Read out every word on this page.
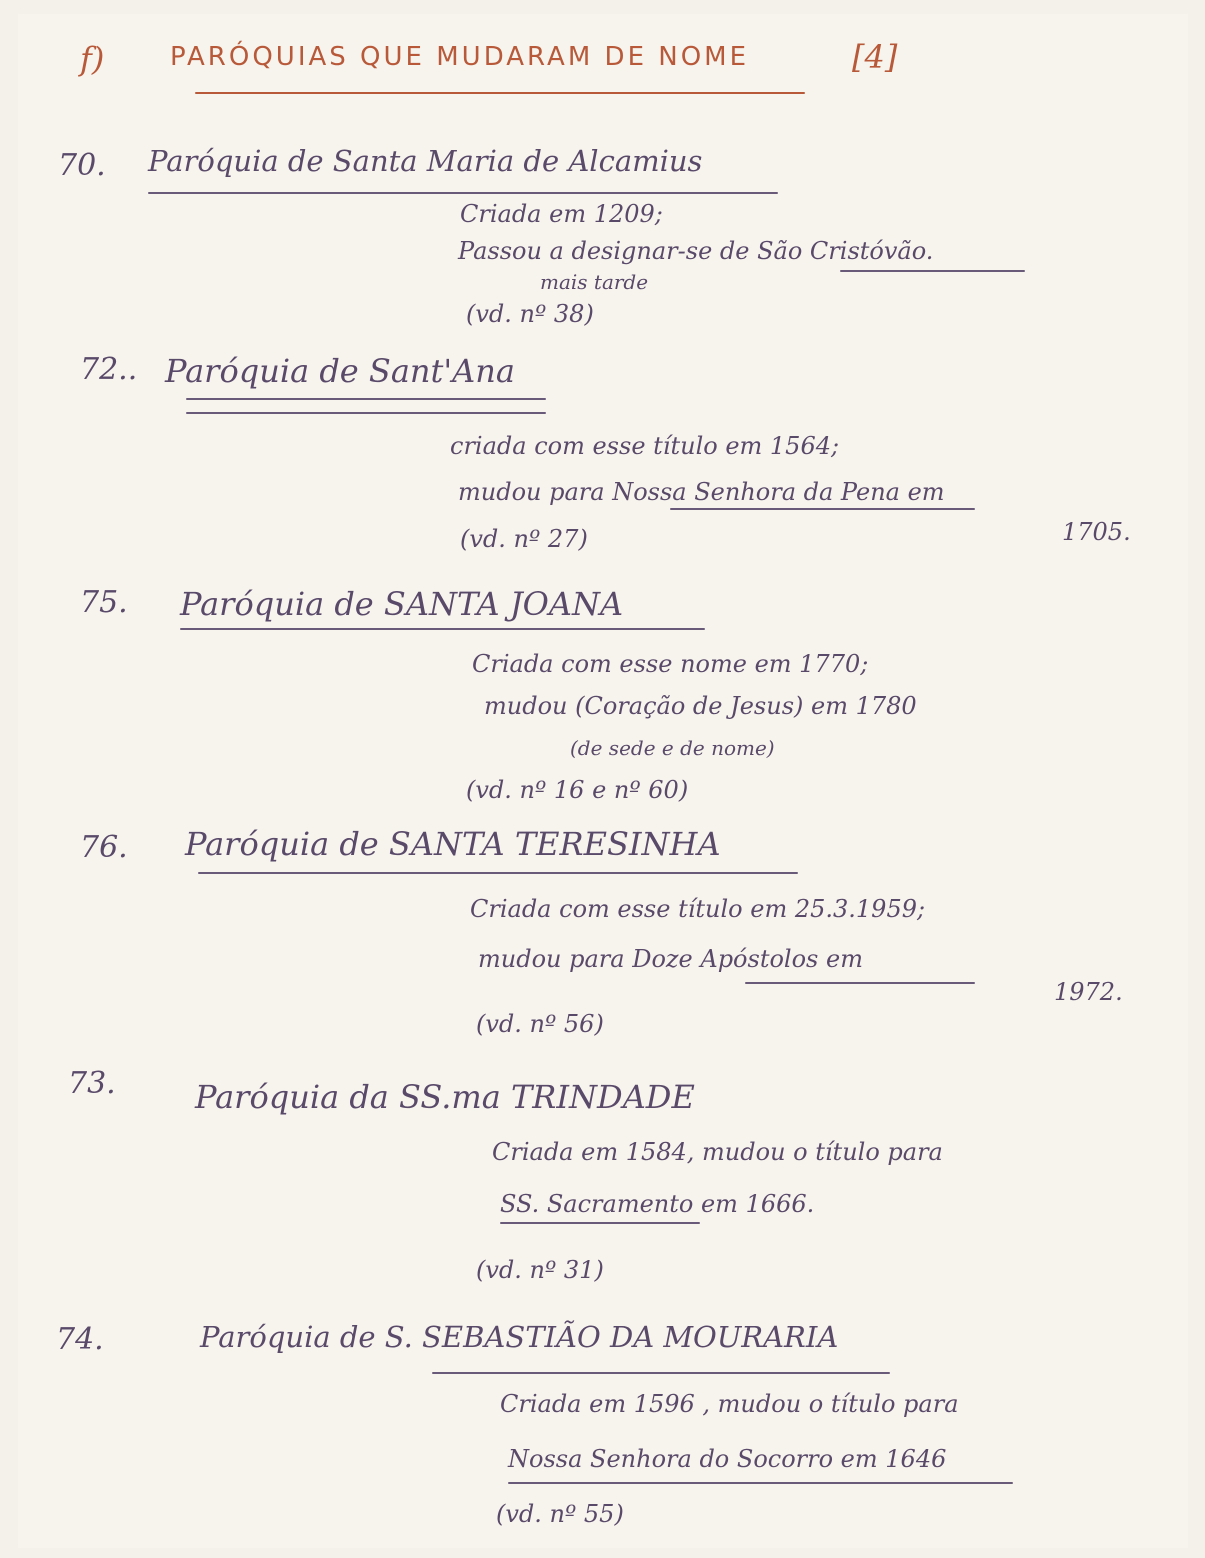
f)	PARÓQUIAS QUE MUDARAM DE NOME	[4]
70. Paróquia de Santa Maria de Alcamius
Criada em 1209;
Passou a designar-se de São Cristóvão.
mais tarde
(vd. nº 38)
72.. Paróquia de Sant'Ana
criada com esse título em 1564;
mudou para Nossa Senhora da Pena em
1705.
(vd. nº 27)
75. Paróquia de SANTA JOANA
Criada com esse nome em 1770;
mudou (Coração de Jesus) em 1780
(de sede e de nome)
(vd. nº 16 e nº 60)
76. Paróquia de SANTA TERESINHA
Criada com esse título em 25.3.1959;
mudou para Doze Apóstolos em
1972.
(vd. nº 56)
73. Paróquia da SS.ma TRINDADE
Criada em 1584, mudou o título para
SS. Sacramento em 1666.
(vd. nº 31)
74.	Paróquia de S. SEBASTIÃO DA MOURARIA
Criada em 1596 , mudou o título para
Nossa Senhora do Socorro em 1646
(vd. nº 55)
